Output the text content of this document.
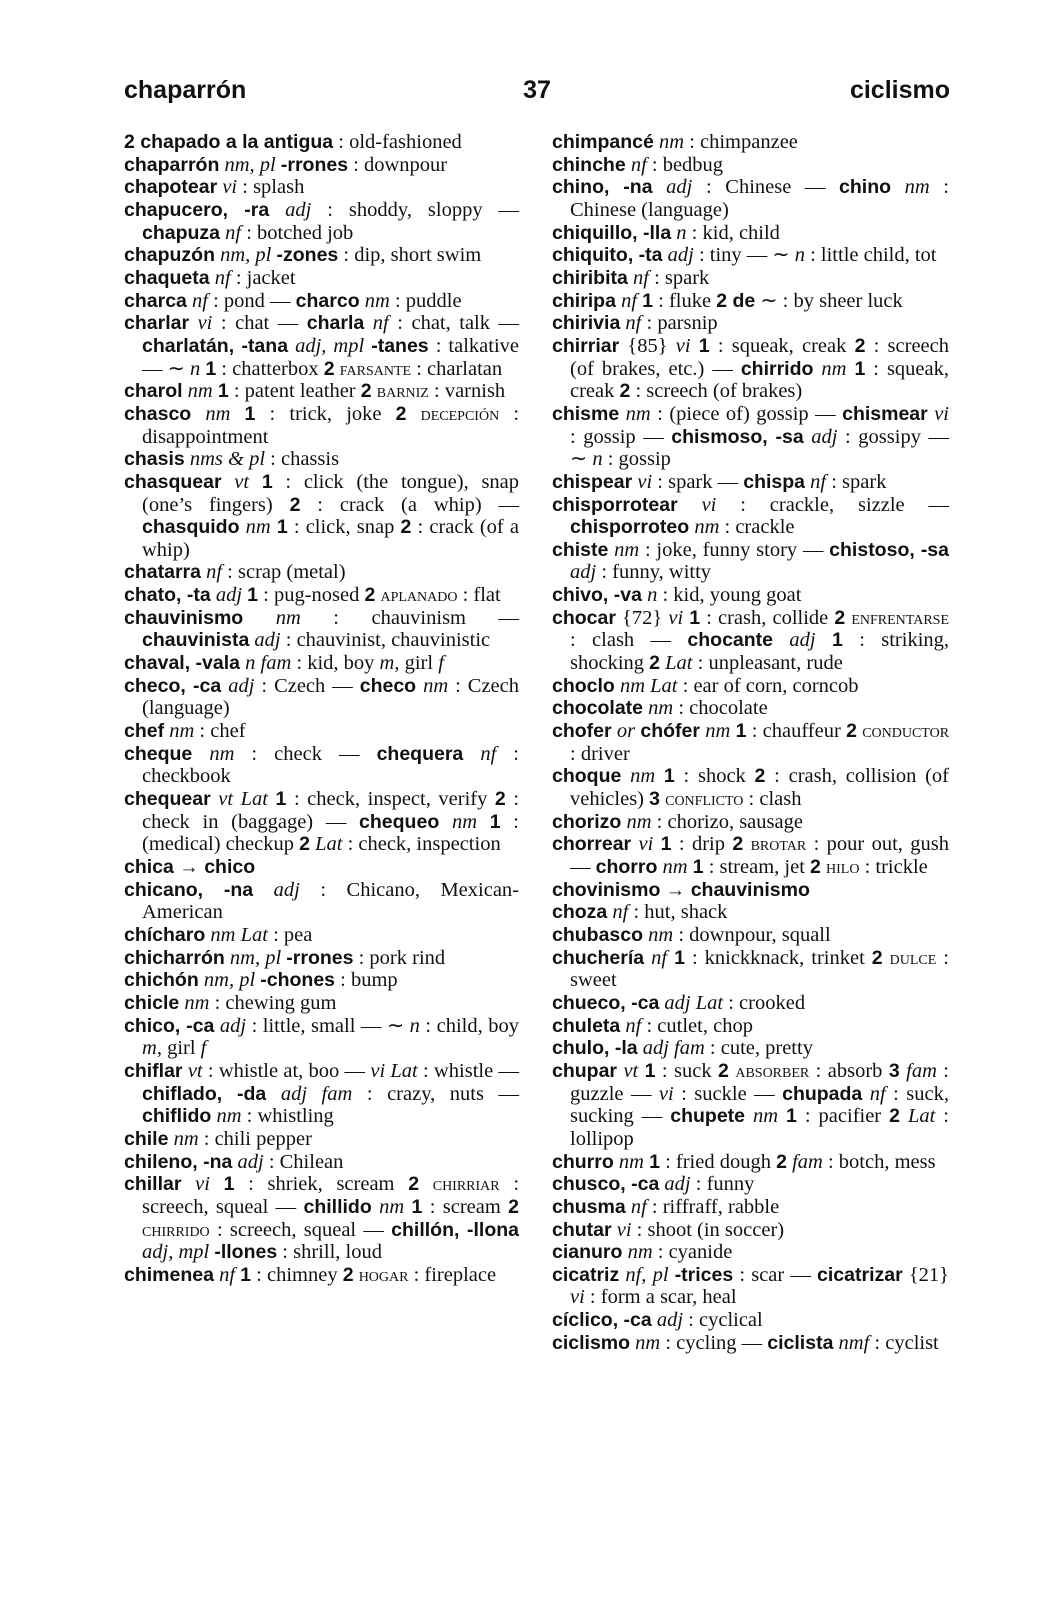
chaparrón	37	ciclismo

2 chapado a la antigua : old-fashioned

chaparrón nm, pl -rrones : downpour

chapotear vi : splash

chapucero, -ra adj : shoddy, sloppy — chapuza nf : botched job

chapuzón nm, pl -zones : dip, short swim

chaqueta nf : jacket

charca nf : pond — charco nm : puddle

charlar vi : chat — charla nf : chat, talk — charlatán, -tana adj, mpl -tanes : talkative — ∼ n 1 : chatterbox 2 farsante : charlatan

charol nm 1 : patent leather 2 barniz : varnish

chasco nm 1 : trick, joke 2 decepción : disappointment

chasis nms & pl : chassis

chasquear vt 1 : click (the tongue), snap (one’s fingers) 2 : crack (a whip) — chasquido nm 1 : click, snap 2 : crack (of a whip)

chatarra nf : scrap (metal)

chato, -ta adj 1 : pug-nosed 2 aplanado : flat

chauvinismo nm : chauvinism — chauvinista adj : chauvinist, chauvinistic

chaval, -vala n fam : kid, boy m, girl f

checo, -ca adj : Czech — checo nm : Czech (language)

chef nm : chef

cheque nm : check — chequera nf : checkbook

chequear vt Lat 1 : check, inspect, verify 2 : check in (baggage) — chequeo nm 1 : (medical) checkup 2 Lat : check, inspection

chica → chico

chicano, -na adj : Chicano, Mexican-American

chícharo nm Lat : pea

chicharrón nm, pl -rrones : pork rind

chichón nm, pl -chones : bump

chicle nm : chewing gum

chico, -ca adj : little, small — ∼ n : child, boy m, girl f

chiflar vt : whistle at, boo — vi Lat : whistle — chiflado, -da adj fam : crazy, nuts — chiflido nm : whistling

chile nm : chili pepper

chileno, -na adj : Chilean

chillar vi 1 : shriek, scream 2 chirriar : screech, squeal — chillido nm 1 : scream 2 chirrido : screech, squeal — chillón, -llona adj, mpl -llones : shrill, loud

chimenea nf 1 : chimney 2 hogar : fireplace

chimpancé nm : chimpanzee

chinche nf : bedbug

chino, -na adj : Chinese — chino nm : Chinese (language)

chiquillo, -lla n : kid, child

chiquito, -ta adj : tiny — ∼ n : little child, tot

chiribita nf : spark

chiripa nf 1 : fluke 2 de ∼ : by sheer luck

chirivia nf : parsnip

chirriar {85} vi 1 : squeak, creak 2 : screech (of brakes, etc.) — chirrido nm 1 : squeak, creak 2 : screech (of brakes)

chisme nm : (piece of) gossip — chismear vi : gossip — chismoso, -sa adj : gossipy — ∼ n : gossip

chispear vi : spark — chispa nf : spark

chisporrotear vi : crackle, sizzle — chisporroteo nm : crackle

chiste nm : joke, funny story — chistoso, -sa adj : funny, witty

chivo, -va n : kid, young goat

chocar {72} vi 1 : crash, collide 2 enfrentarse : clash — chocante adj 1 : striking, shocking 2 Lat : unpleasant, rude

choclo nm Lat : ear of corn, corncob

chocolate nm : chocolate

chofer or chófer nm 1 : chauffeur 2 conductor : driver

choque nm 1 : shock 2 : crash, collision (of vehicles) 3 conflicto : clash

chorizo nm : chorizo, sausage

chorrear vi 1 : drip 2 brotar : pour out, gush — chorro nm 1 : stream, jet 2 hilo : trickle

chovinismo → chauvinismo

choza nf : hut, shack

chubasco nm : downpour, squall

chuchería nf 1 : knickknack, trinket 2 dulce : sweet

chueco, -ca adj Lat : crooked

chuleta nf : cutlet, chop

chulo, -la adj fam : cute, pretty

chupar vt 1 : suck 2 absorber : absorb 3 fam : guzzle — vi : suckle — chupada nf : suck, sucking — chupete nm 1 : pacifier 2 Lat : lollipop

churro nm 1 : fried dough 2 fam : botch, mess

chusco, -ca adj : funny

chusma nf : riffraff, rabble

chutar vi : shoot (in soccer)

cianuro nm : cyanide

cicatriz nf, pl -trices : scar — cicatrizar {21} vi : form a scar, heal

cíclico, -ca adj : cyclical

ciclismo nm : cycling — ciclista nmf : cyclist
